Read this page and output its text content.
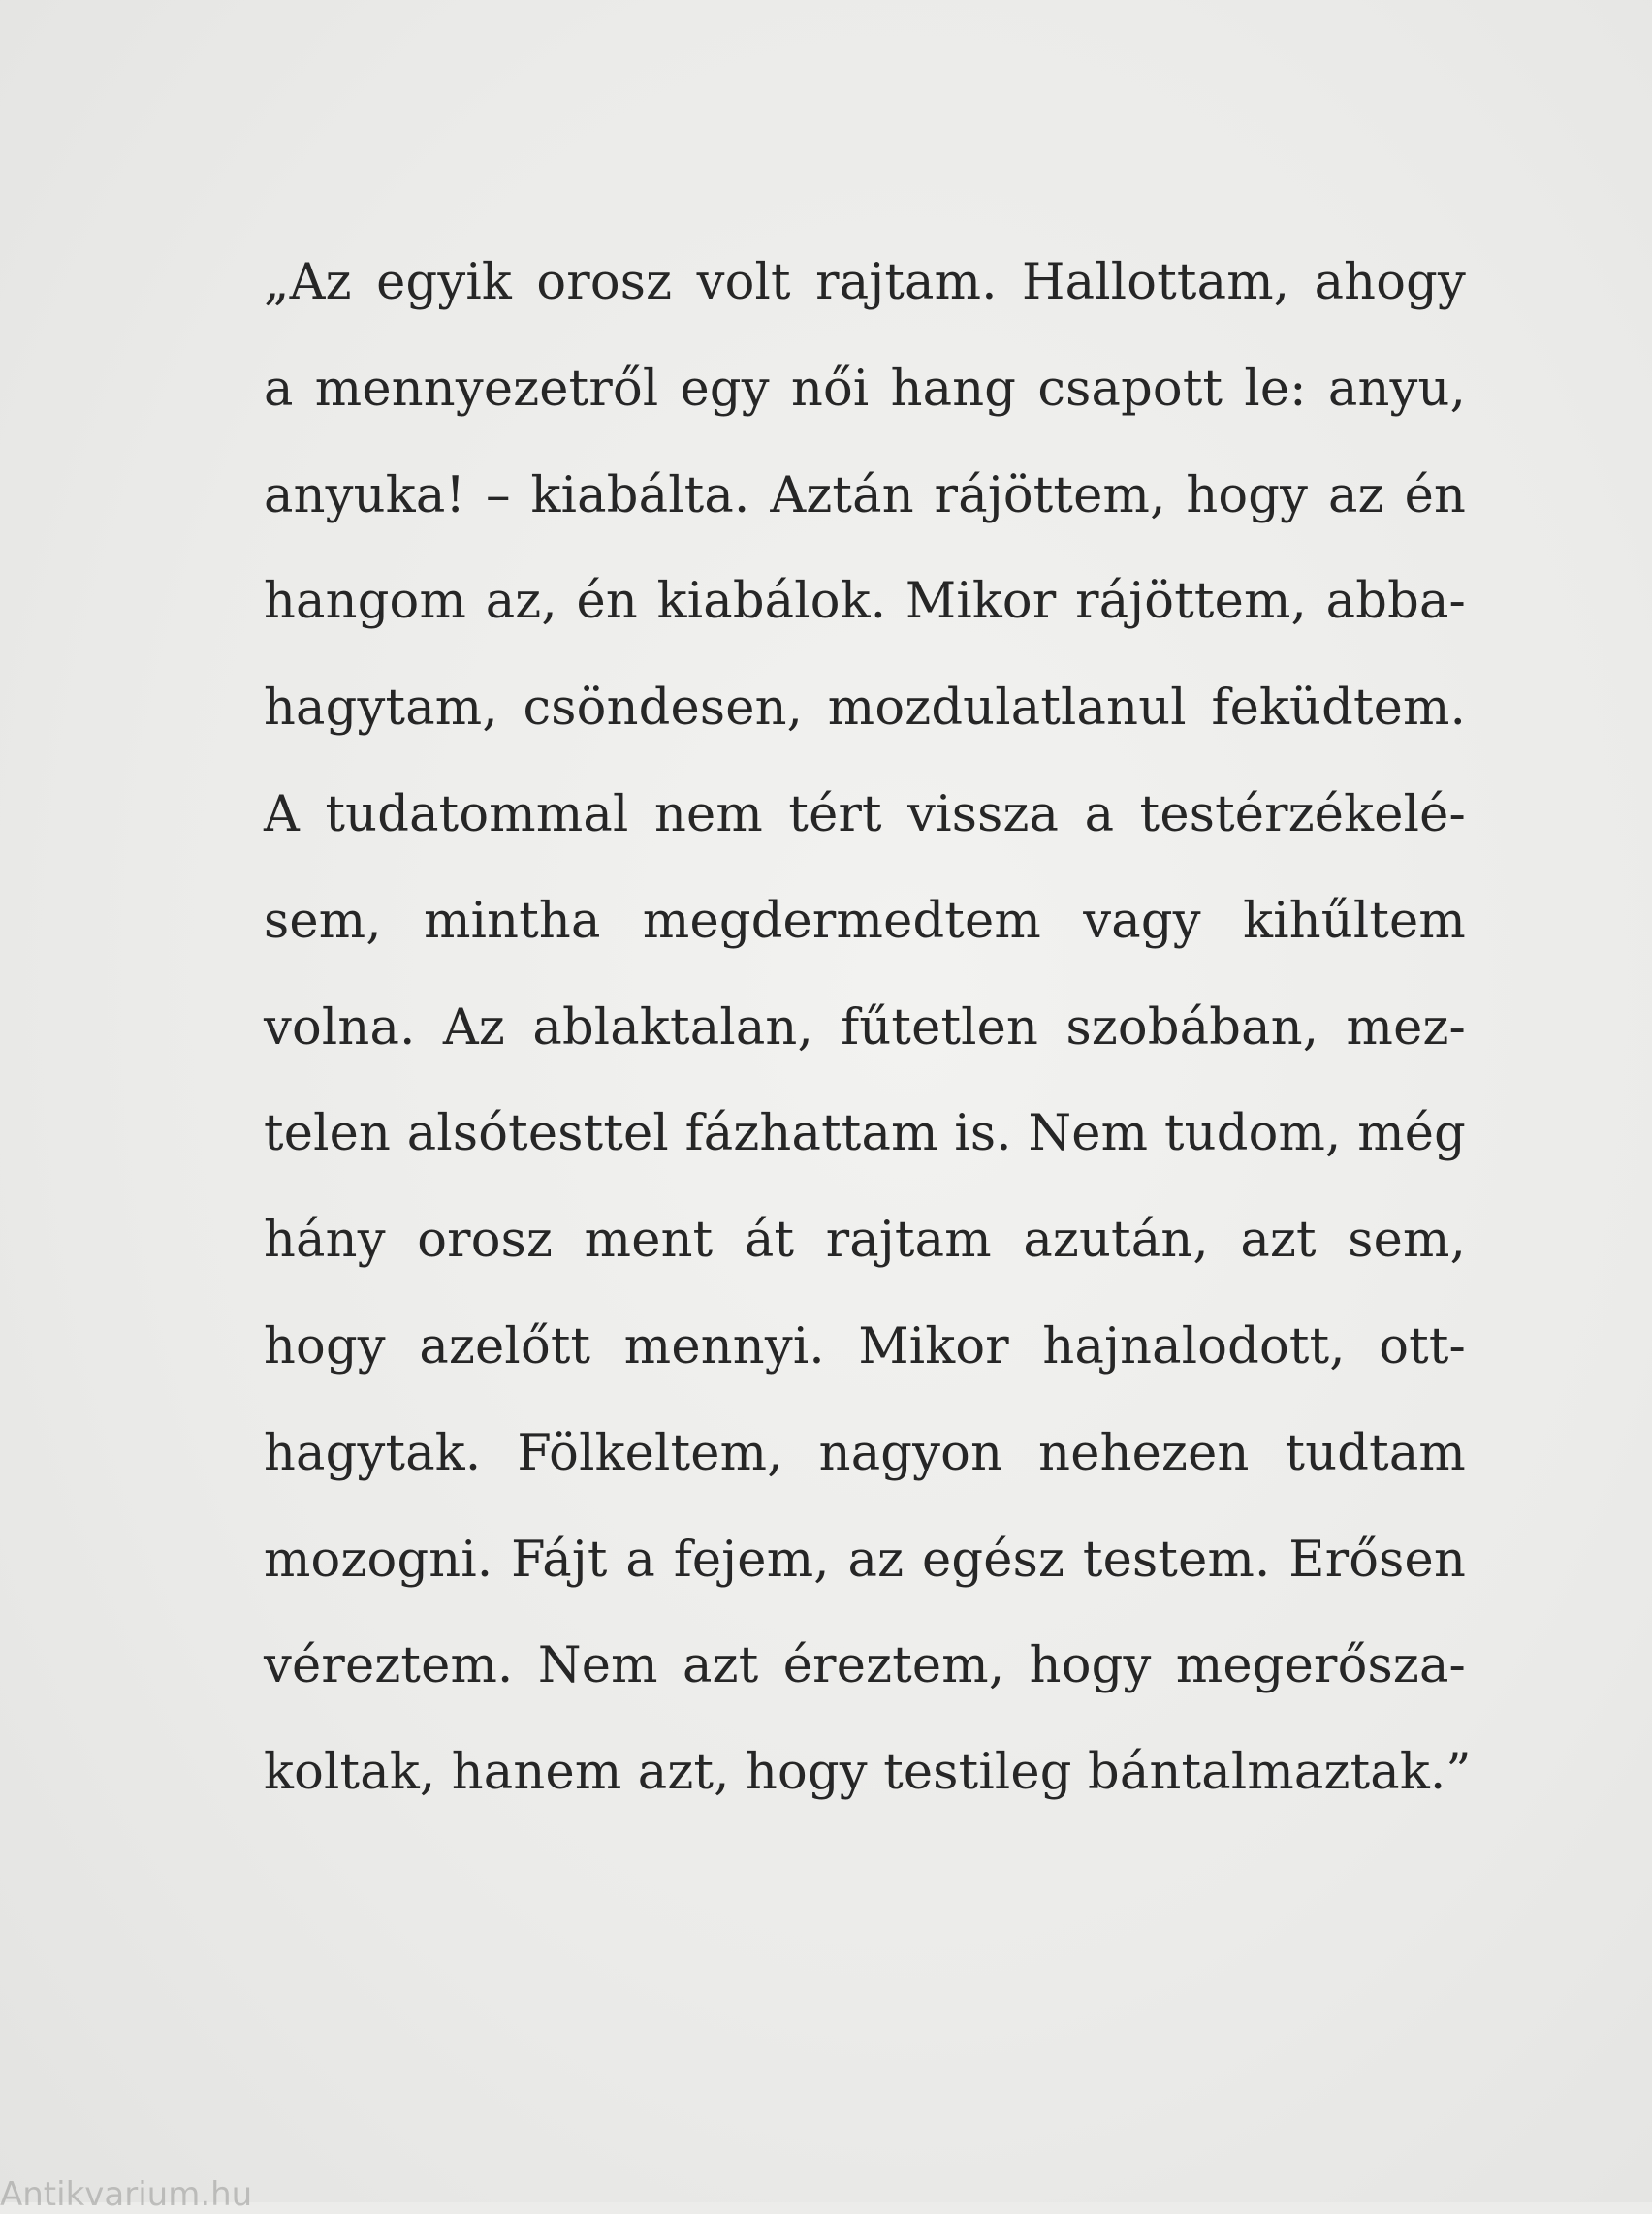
„Az egyik orosz volt rajtam. Hallottam, ahogy
a mennyezetről egy női hang csapott le: anyu,
anyuka! – kiabálta. Aztán rájöttem, hogy az én
hangom az, én kiabálok. Mikor rájöttem, abba-
hagytam, csöndesen, mozdulatlanul feküdtem.
A tudatommal nem tért vissza a testérzékelé-
sem, mintha megdermedtem vagy kihűltem
volna. Az ablaktalan, fűtetlen szobában, mez-
telen alsótesttel fázhattam is. Nem tudom, még
hány orosz ment át rajtam azután, azt sem,
hogy azelőtt mennyi. Mikor hajnalodott, ott-
hagytak. Fölkeltem, nagyon nehezen tudtam
mozogni. Fájt a fejem, az egész testem. Erősen
véreztem. Nem azt éreztem, hogy megerősza-
koltak, hanem azt, hogy testileg bántalmaztak.”
Antikvarium.hu
